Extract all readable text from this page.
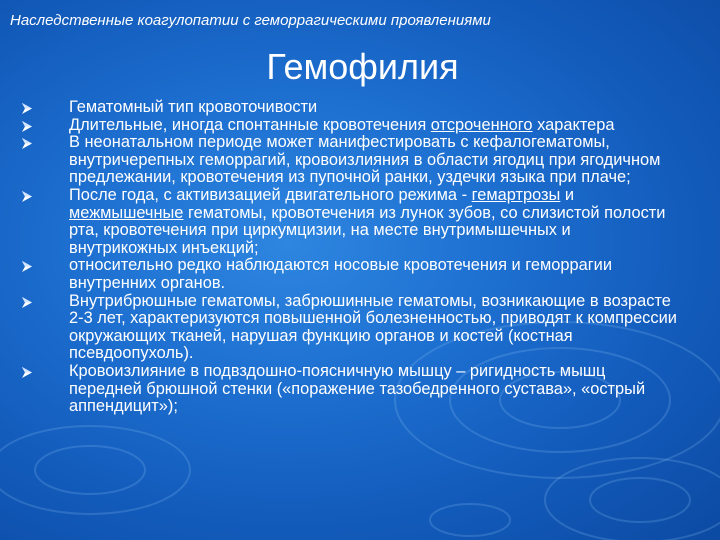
Наследственные коагулопатии с геморрагическими проявлениями
Гемофилия
Гематомный тип кровоточивости
Длительные, иногда спонтанные кровотечения отсроченного характера
В неонатальном периоде может манифестировать с кефалогематомы, внутричерепных геморрагий, кровоизлияния в области ягодиц при ягодичном предлежании, кровотечения из пупочной ранки, уздечки языка при плаче;
После года, с активизацией двигательного режима - гемартрозы и межмышечные гематомы, кровотечения из лунок зубов, со слизистой полости рта, кровотечения при циркумцизии, на месте внутримышечных и внутрикожных инъекций;
относительно редко наблюдаются носовые кровотечения и геморрагии внутренних органов.
Внутрибрюшные гематомы, забрюшинные гематомы, возникающие в возрасте 2-3 лет, характеризуются повышенной болезненностью, приводят к компрессии окружающих тканей, нарушая функцию органов и костей (костная псевдоопухоль).
Кровоизлияние в подвздошно-поясничную мышцу – ригидность мышц передней брюшной стенки («поражение тазобедренного сустава», «острый аппендицит»);
